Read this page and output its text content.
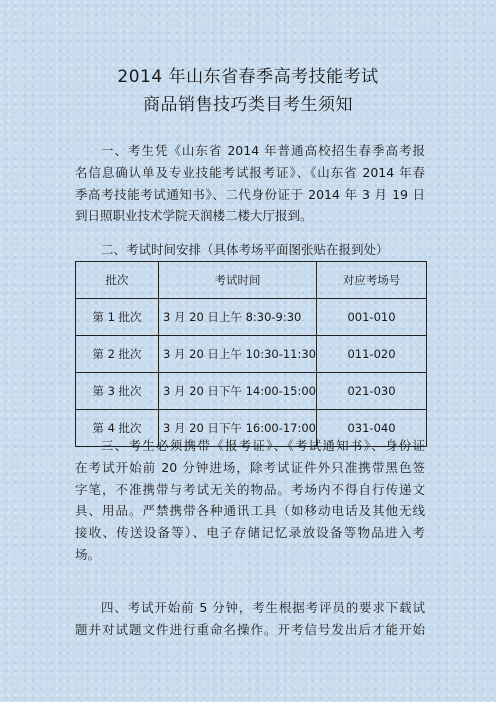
2014 年山东省春季高考技能考试
商品销售技巧类目考生须知
一、考生凭《山东省 2014 年普通高校招生春季高考报
名信息确认单及专业技能考试报考证》、《山东省 2014 年春
季高考技能考试通知书》、二代身份证于 2014 年 3 月 19 日
到日照职业技术学院天润楼二楼大厅报到。
二、考试时间安排（具体考场平面图张贴在报到处）
批次	考试时间	对应考场号
第 1 批次	3 月 20 日上午 8:30-9:30	001-010
第 2 批次	3 月 20 日上午 10:30-11:30	011-020
第 3 批次	3 月 20 日下午 14:00-15:00	021-030
第 4 批次	3 月 20 日下午 16:00-17:00	031-040
三、考生必须携带《报考证》、《考试通知书》、身份证
在考试开始前 20 分钟进场，除考试证件外只准携带黑色签
字笔，不准携带与考试无关的物品。考场内不得自行传递文
具、用品。严禁携带各种通讯工具（如移动电话及其他无线
接收、传送设备等）、电子存储记忆录放设备等物品进入考
场。
四、考试开始前 5 分钟，考生根据考评员的要求下载试
题并对试题文件进行重命名操作。开考信号发出后才能开始
